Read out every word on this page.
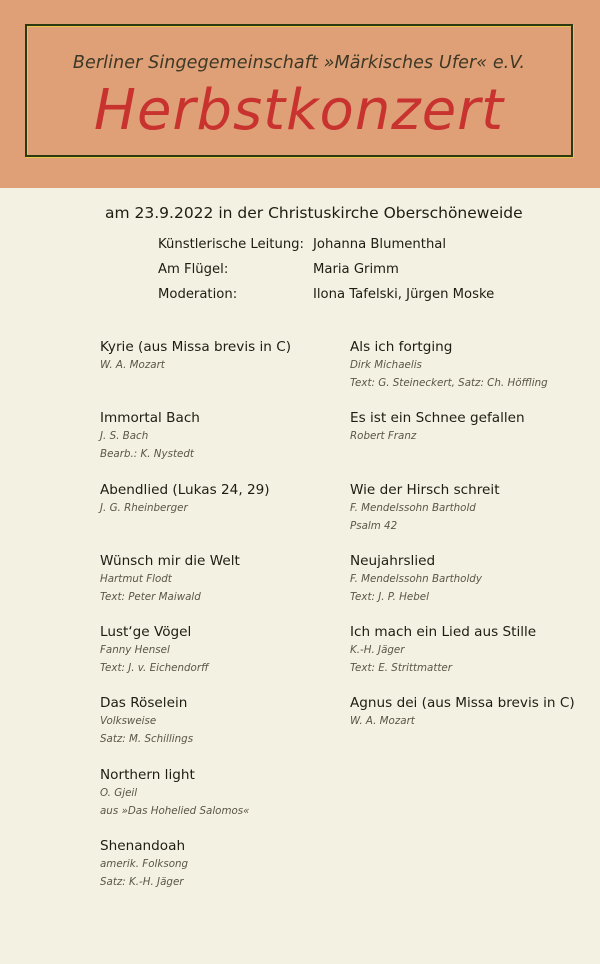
Berliner Singegemeinschaft »Märkisches Ufer« e.V.
Herbstkonzert
am 23.9.2022 in der Christuskirche Oberschöneweide
Künstlerische Leitung: Johanna Blumenthal
Am Flügel:	Maria Grimm
Moderation:	Ilona Tafelski, Jürgen Moske
Kyrie (aus Missa brevis in C)
W. A. Mozart
Immortal Bach
J. S. Bach
Bearb.: K. Nystedt
Abendlied (Lukas 24, 29)
J. G. Rheinberger
Wünsch mir die Welt
Hartmut Flodt
Text: Peter Maiwald
Lust‘ge Vögel
Fanny Hensel
Text: J. v. Eichendorff
Das Röselein
Volksweise
Satz: M. Schillings
Northern light
O. Gjeil
aus »Das Hohelied Salomos«
Shenandoah
amerik. Folksong
Satz: K.-H. Jäger
Als ich fortging
Dirk Michaelis
Text: G. Steineckert, Satz: Ch. Höffling
Es ist ein Schnee gefallen
Robert Franz
Wie der Hirsch schreit
F. Mendelssohn Barthold
Psalm 42
Neujahrslied
F. Mendelssohn Bartholdy
Text: J. P. Hebel
Ich mach ein Lied aus Stille
K.-H. Jäger
Text: E. Strittmatter
Agnus dei (aus Missa brevis in C)
W. A. Mozart
